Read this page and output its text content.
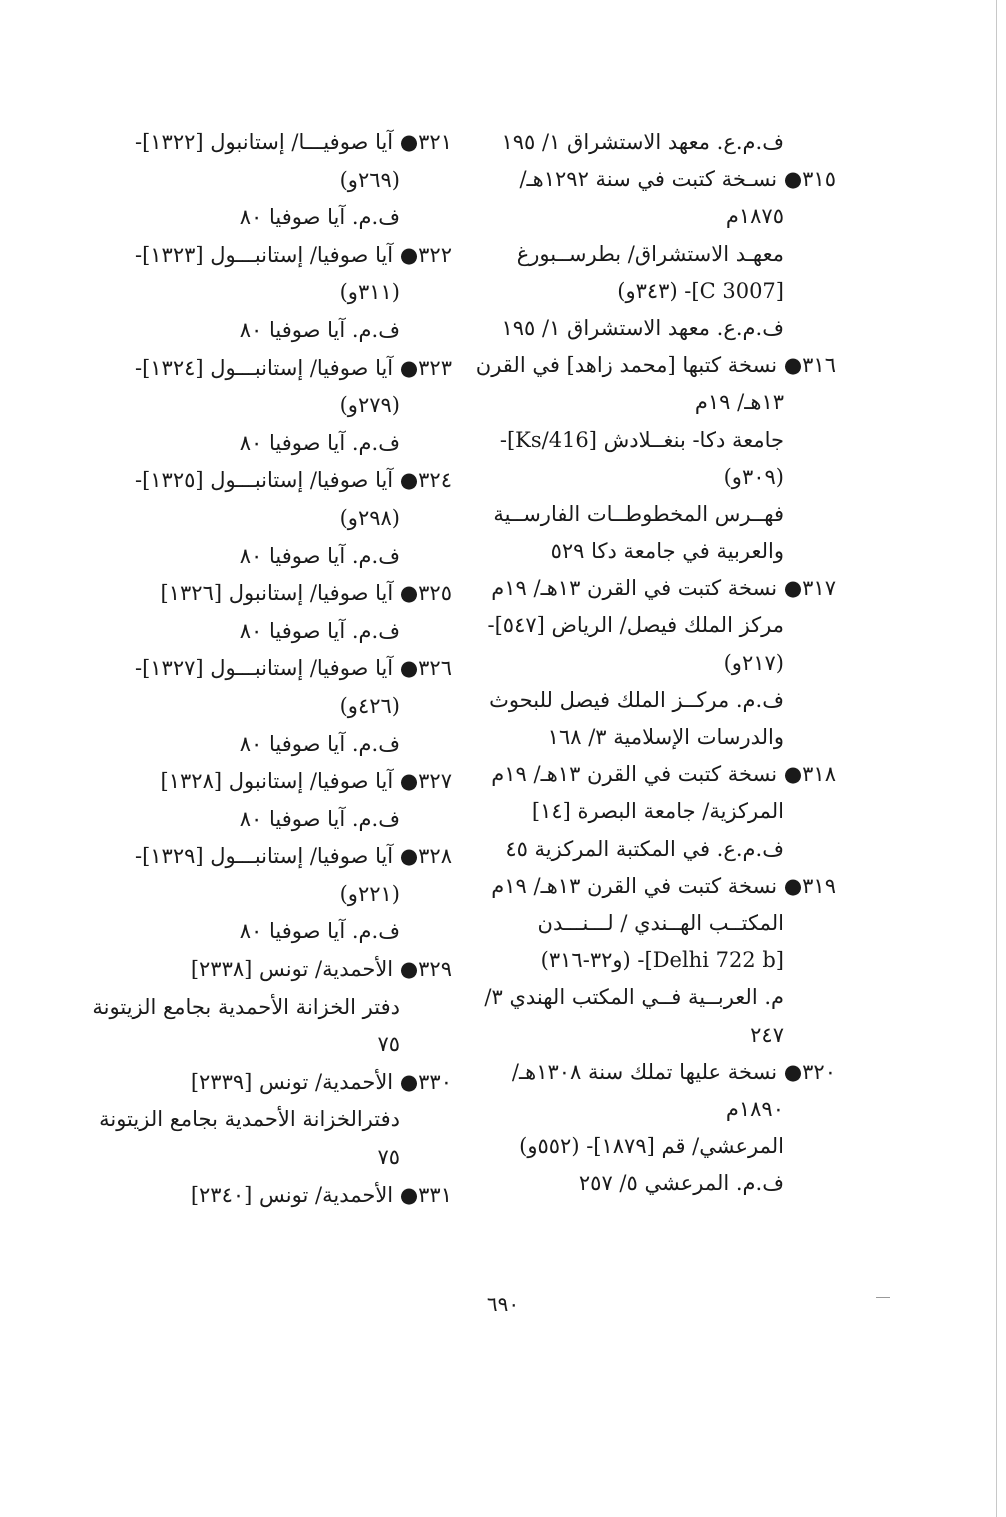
ف.م.ع. معهد الاستشراق ١/ ١٩٥
٣١٥● نسـخة كتبت في سنة ١٢٩٢هـ/
١٨٧٥م
معهـد الاستشراق/ بطرســبورغ
[C 3007]- (٣٤٣و)
ف.م.ع. معهد الاستشراق ١/ ١٩٥
٣١٦● نسخة كتبها [محمد زاهد] في القرن
١٣هـ/ ١٩م
جامعة دكا- بنغــلادش [Ks/416]-
(٣٠٩و)
فهــرس المخطوطــات الفارســية
والعربية في جامعة دكا ٥٢٩
٣١٧● نسخة كتبت في القرن ١٣هـ/ ١٩م
مركز الملك فيصل/ الرياض [٥٤٧]-
(٢١٧و)
ف.م. مركــز الملك فيصل للبحوث
والدرسات الإسلامية ٣/ ١٦٨
٣١٨● نسخة كتبت في القرن ١٣هـ/ ١٩م
المركزية/ جامعة البصرة [١٤]
ف.م.ع. في المكتبة المركزية ٤٥
٣١٩● نسخة كتبت في القرن ١٣هـ/ ١٩م
المكتــب الهــندي / لـــنـــدن
[Delhi 722 b]- (و٣٢-٣١٦)
م. العربــية فــي المكتب الهندي ٣/
٢٤٧
٣٢٠● نسخة عليها تملك سنة ١٣٠٨هـ/
١٨٩٠م
المرعشي/ قم [١٨٧٩]- (٥٥٢و)
ف.م. المرعشي ٥/ ٢٥٧
٣٢١● آيا صوفيـــا/ إستانبول [١٣٢٢]-
(٢٦٩و)
ف.م. آيا صوفيا ٨٠
٣٢٢● آيا صوفيا/ إستانبـــول [١٣٢٣]-
(٣١١و)
ف.م. آيا صوفيا ٨٠
٣٢٣● آيا صوفيا/ إستانبـــول [١٣٢٤]-
(٢٧٩و)
ف.م. آيا صوفيا ٨٠
٣٢٤● آيا صوفيا/ إستانبـــول [١٣٢٥]-
(٢٩٨و)
ف.م. آيا صوفيا ٨٠
٣٢٥● آيا صوفيا/ إستانبول [١٣٢٦]
ف.م. آيا صوفيا ٨٠
٣٢٦● آيا صوفيا/ إستانبـــول [١٣٢٧]-
(٤٢٦و)
ف.م. آيا صوفيا ٨٠
٣٢٧● آيا صوفيا/ إستانبول [١٣٢٨]
ف.م. آيا صوفيا ٨٠
٣٢٨● آيا صوفيا/ إستانبـــول [١٣٢٩]-
(٢٢١و)
ف.م. آيا صوفيا ٨٠
٣٢٩● الأحمدية/ تونس [٢٣٣٨]
دفتر الخزانة الأحمدية بجامع الزيتونة
٧٥
٣٣٠● الأحمدية/ تونس [٢٣٣٩]
دفترالخزانة الأحمدية بجامع الزيتونة
٧٥
٣٣١● الأحمدية/ تونس [٢٣٤٠]
٦٩٠
